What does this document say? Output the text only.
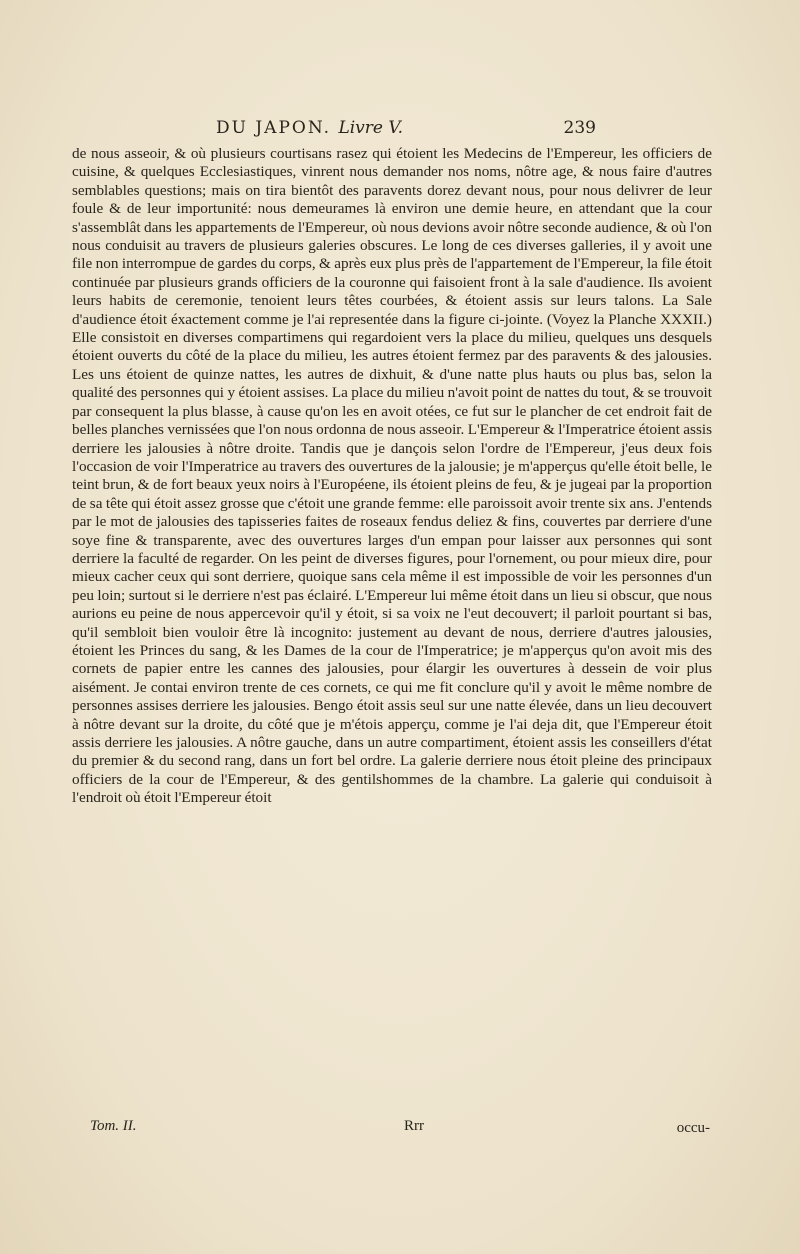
DU JAPON. Livre V.	239

de nous asseoir, & où plusieurs courtisans rasez qui étoient les Medecins de l'Empereur, les officiers de cuisine, & quelques Ecclesiastiques, vinrent nous demander nos noms, nôtre age, & nous faire d'autres semblables questions; mais on tira bientôt des paravents dorez devant nous, pour nous delivrer de leur foule & de leur importunité: nous demeurames là environ une demie heure, en attendant que la cour s'assemblât dans les appartements de l'Empereur, où nous devions avoir nôtre seconde audience, & où l'on nous conduisit au travers de plusieurs galeries obscures. Le long de ces diverses galleries, il y avoit une file non interrompue de gardes du corps, & après eux plus près de l'appartement de l'Empereur, la file étoit continuée par plusieurs grands officiers de la couronne qui faisoient front à la sale d'audience. Ils avoient leurs habits de ceremonie, tenoient leurs têtes courbées, & étoient assis sur leurs talons. La Sale d'audience étoit éxactement comme je l'ai representée dans la figure ci-jointe. (Voyez la Planche XXXII.) Elle consistoit en diverses compartimens qui regardoient vers la place du milieu, quelques uns desquels étoient ouverts du côté de la place du milieu, les autres étoient fermez par des paravents & des jalousies. Les uns étoient de quinze nattes, les autres de dixhuit, & d'une natte plus hauts ou plus bas, selon la qualité des personnes qui y étoient assises. La place du milieu n'avoit point de nattes du tout, & se trouvoit par consequent la plus blasse, à cause qu'on les en avoit otées, ce fut sur le plancher de cet endroit fait de belles planches vernissées que l'on nous ordonna de nous asseoir. L'Empereur & l'Imperatrice étoient assis derriere les jalousies à nôtre droite. Tandis que je dançois selon l'ordre de l'Empereur, j'eus deux fois l'occasion de voir l'Imperatrice au travers des ouvertures de la jalousie; je m'apperçus qu'elle étoit belle, le teint brun, & de fort beaux yeux noirs à l'Européene, ils étoient pleins de feu, & je jugeai par la proportion de sa tête qui étoit assez grosse que c'étoit une grande femme: elle paroissoit avoir trente six ans. J'entends par le mot de jalousies des tapisseries faites de roseaux fendus deliez & fins, couvertes par derriere d'une soye fine & transparente, avec des ouvertures larges d'un empan pour laisser aux personnes qui sont derriere la faculté de regarder. On les peint de diverses figures, pour l'ornement, ou pour mieux dire, pour mieux cacher ceux qui sont derriere, quoique sans cela même il est impossible de voir les personnes d'un peu loin; surtout si le derriere n'est pas éclairé. L'Empereur lui même étoit dans un lieu si obscur, que nous aurions eu peine de nous appercevoir qu'il y étoit, si sa voix ne l'eut decouvert; il parloit pourtant si bas, qu'il sembloit bien vouloir être là incognito: justement au devant de nous, derriere d'autres jalousies, étoient les Princes du sang, & les Dames de la cour de l'Imperatrice; je m'apperçus qu'on avoit mis des cornets de papier entre les cannes des jalousies, pour élargir les ouvertures à dessein de voir plus aisément. Je contai environ trente de ces cornets, ce qui me fit conclure qu'il y avoit le même nombre de personnes assises derriere les jalousies. Bengo étoit assis seul sur une natte élevée, dans un lieu decouvert à nôtre devant sur la droite, du côté que je m'étois apperçu, comme je l'ai deja dit, que l'Empereur étoit assis derriere les jalousies. A nôtre gauche, dans un autre compartiment, étoient assis les conseillers d'état du premier & du second rang, dans un fort bel ordre. La galerie derriere nous étoit pleine des principaux officiers de la cour de l'Empereur, & des gentilshommes de la chambre. La galerie qui conduisoit à l'endroit où étoit l'Empereur étoit

Tom. II.	Rrr	occu-
